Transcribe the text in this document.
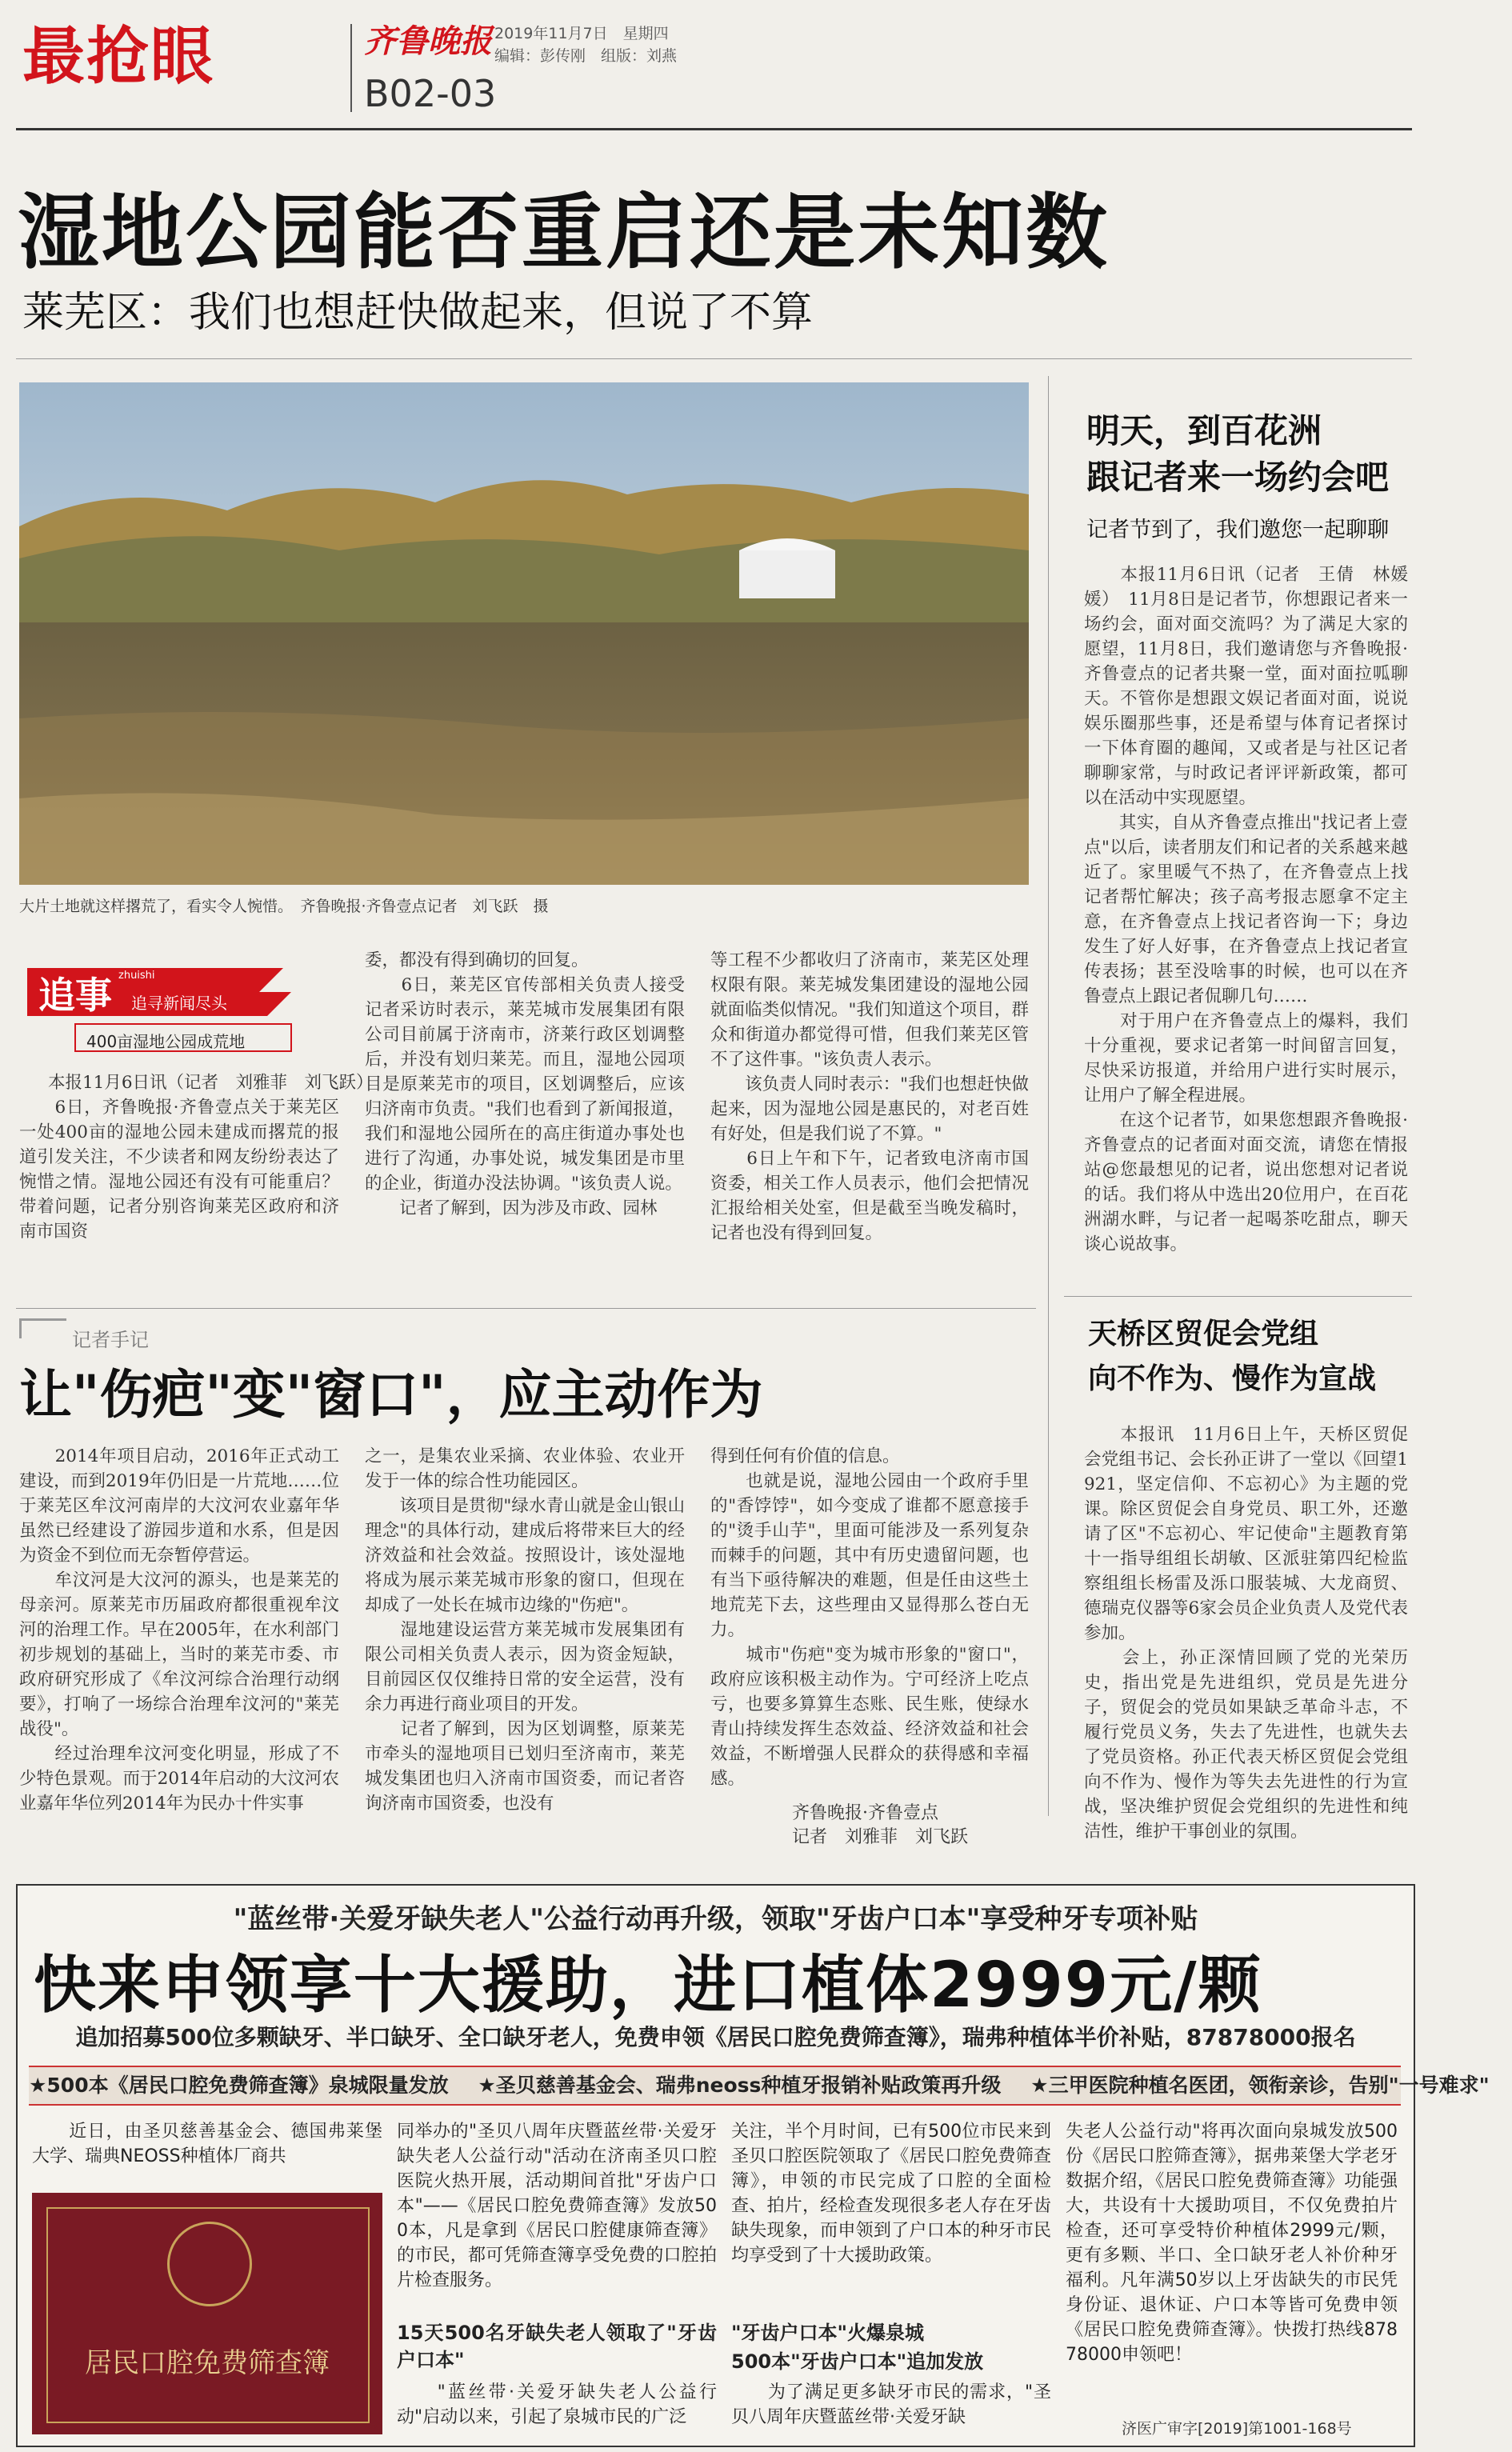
最抢眼	齐鲁晚报 2019年11月7日　星期四
编辑：彭传刚　组版：刘燕
B02-03
湿地公园能否重启还是未知数
莱芜区：我们也想赶快做起来，但说了不算
大片土地就这样撂荒了，看实令人惋惜。　齐鲁晚报·齐鲁壹点记者　刘飞跃　摄
追事 zhuishi
追寻新闻尽头
400亩湿地公园成荒地
本报11月6日讯（记者　刘雅菲　刘飞跃）
　　6日，齐鲁晚报·齐鲁壹点关于莱芜区一处400亩的湿地公园未建成而撂荒的报道引发关注，不少读者和网友纷纷表达了惋惜之情。湿地公园还有没有可能重启？带着问题，记者分别咨询莱芜区政府和济南市国资
委，都没有得到确切的回复。
　　6日，莱芜区官传部相关负责人接受记者采访时表示，莱芜城市发展集团有限公司目前属于济南市，济莱行政区划调整后，并没有划归莱芜。而且，湿地公园项目是原莱芜市的项目，区划调整后，应该归济南市负责。"我们也看到了新闻报道，我们和湿地公园所在的高庄街道办事处也进行了沟通，办事处说，城发集团是市里的企业，街道办没法协调。"该负责人说。
　　记者了解到，因为涉及市政、园林
等工程不少都收归了济南市，莱芜区处理权限有限。莱芜城发集团建设的湿地公园就面临类似情况。"我们知道这个项目，群众和街道办都觉得可惜，但我们莱芜区管不了这件事。"该负责人表示。
　　该负责人同时表示："我们也想赶快做起来，因为湿地公园是惠民的，对老百姓有好处，但是我们说了不算。"
　　6日上午和下午，记者致电济南市国资委，相关工作人员表示，他们会把情况汇报给相关处室，但是截至当晚发稿时，记者也没有得到回复。
明天，到百花洲
跟记者来一场约会吧
记者节到了，我们邀您一起聊聊
　　本报11月6日讯（记者　王倩　林媛媛）　11月8日是记者节，你想跟记者来一场约会，面对面交流吗？为了满足大家的愿望，11月8日，我们邀请您与齐鲁晚报·齐鲁壹点的记者共聚一堂，面对面拉呱聊天。不管你是想跟文娱记者面对面，说说娱乐圈那些事，还是希望与体育记者探讨一下体育圈的趣闻，又或者是与社区记者聊聊家常，与时政记者评评新政策，都可以在活动中实现愿望。
　　其实，自从齐鲁壹点推出"找记者上壹点"以后，读者朋友们和记者的关系越来越近了。家里暖气不热了，在齐鲁壹点上找记者帮忙解决；孩子高考报志愿拿不定主意，在齐鲁壹点上找记者咨询一下；身边发生了好人好事，在齐鲁壹点上找记者宣传表扬；甚至没啥事的时候，也可以在齐鲁壹点上跟记者侃聊几句……
　　对于用户在齐鲁壹点上的爆料，我们十分重视，要求记者第一时间留言回复，尽快采访报道，并给用户进行实时展示，让用户了解全程进展。
　　在这个记者节，如果您想跟齐鲁晚报·齐鲁壹点的记者面对面交流，请您在情报站@您最想见的记者，说出您想对记者说的话。我们将从中选出20位用户，在百花洲湖水畔，与记者一起喝茶吃甜点，聊天谈心说故事。
天桥区贸促会党组
向不作为、慢作为宣战
　　本报讯　11月6日上午，天桥区贸促会党组书记、会长孙正讲了一堂以《回望1921，坚定信仰、不忘初心》为主题的党课。除区贸促会自身党员、职工外，还邀请了区"不忘初心、牢记使命"主题教育第十一指导组组长胡敏、区派驻第四纪检监察组组长杨雷及泺口服装城、大龙商贸、德瑞克仪器等6家会员企业负责人及党代表参加。
　　会上，孙正深情回顾了党的光荣历史，指出党是先进组织，党员是先进分子，贸促会的党员如果缺乏革命斗志，不履行党员义务，失去了先进性，也就失去了党员资格。孙正代表天桥区贸促会党组向不作为、慢作为等失去先进性的行为宣战，坚决维护贸促会党组织的先进性和纯洁性，维护干事创业的氛围。
记者手记
让"伤疤"变"窗口"，应主动作为
　　2014年项目启动，2016年正式动工建设，而到2019年仍旧是一片荒地……位于莱芜区牟汶河南岸的大汶河农业嘉年华虽然已经建设了游园步道和水系，但是因为资金不到位而无奈暂停营运。
　　牟汶河是大汶河的源头，也是莱芜的母亲河。原莱芜市历届政府都很重视牟汶河的治理工作。早在2005年，在水利部门初步规划的基础上，当时的莱芜市委、市政府研究形成了《牟汶河综合治理行动纲要》，打响了一场综合治理牟汶河的"莱芜战役"。
　　经过治理牟汶河变化明显，形成了不少特色景观。而于2014年启动的大汶河农业嘉年华位列2014年为民办十件实事
之一，是集农业采摘、农业体验、农业开发于一体的综合性功能园区。
　　该项目是贯彻"绿水青山就是金山银山理念"的具体行动，建成后将带来巨大的经济效益和社会效益。按照设计，该处湿地将成为展示莱芜城市形象的窗口，但现在却成了一处长在城市边缘的"伤疤"。
　　湿地建设运营方莱芜城市发展集团有限公司相关负责人表示，因为资金短缺，目前园区仅仅维持日常的安全运营，没有余力再进行商业项目的开发。
　　记者了解到，因为区划调整，原莱芜市牵头的湿地项目已划归至济南市，莱芜城发集团也归入济南市国资委，而记者咨询济南市国资委，也没有
得到任何有价值的信息。
　　也就是说，湿地公园由一个政府手里的"香饽饽"，如今变成了谁都不愿意接手的"烫手山芋"，里面可能涉及一系列复杂而棘手的问题，其中有历史遗留问题，也有当下亟待解决的难题，但是任由这些土地荒芜下去，这些理由又显得那么苍白无力。
　　城市"伤疤"变为城市形象的"窗口"，政府应该积极主动作为。宁可经济上吃点亏，也要多算算生态账、民生账，使绿水青山持续发挥生态效益、经济效益和社会效益，不断增强人民群众的获得感和幸福感。
齐鲁晚报·齐鲁壹点
记者　刘雅菲　刘飞跃
"蓝丝带·关爱牙缺失老人"公益行动再升级，领取"牙齿户口本"享受种牙专项补贴
快来申领享十大援助，进口植体2999元/颗
追加招募500位多颗缺牙、半口缺牙、全口缺牙老人，免费申领《居民口腔免费筛查簿》，瑞弗种植体半价补贴，87878000报名
★500本《居民口腔免费筛查簿》泉城限量发放 ★圣贝慈善基金会、瑞弗neoss种植牙报销补贴政策再升级 ★三甲医院种植名医团，领衔亲诊，告别"一号难求"
　　近日，由圣贝慈善基金会、德国弗莱堡大学、瑞典NEOSS种植体厂商共
居民口腔免费筛查簿
同举办的"圣贝八周年庆暨蓝丝带·关爱牙缺失老人公益行动"活动在济南圣贝口腔医院火热开展，活动期间首批"牙齿户口本"——《居民口腔免费筛查簿》发放500本，凡是拿到《居民口腔健康筛查簿》的市民，都可凭筛查簿享受免费的口腔拍片检查服务。
15天500名牙缺失老人领取了"牙齿户口本"
　　"蓝丝带·关爱牙缺失老人公益行动"启动以来，引起了泉城市民的广泛
关注，半个月时间，已有500位市民来到圣贝口腔医院领取了《居民口腔免费筛查簿》，申领的市民完成了口腔的全面检查、拍片，经检查发现很多老人存在牙齿缺失现象，而申领到了户口本的种牙市民均享受到了十大援助政策。
"牙齿户口本"火爆泉城
500本"牙齿户口本"追加发放
　　为了满足更多缺牙市民的需求，"圣贝八周年庆暨蓝丝带·关爱牙缺
失老人公益行动"将再次面向泉城发放500份《居民口腔筛查簿》，据弗莱堡大学老牙数据介绍，《居民口腔免费筛查簿》功能强大，共设有十大援助项目，不仅免费拍片检查，还可享受特价种植体2999元/颗，更有多颗、半口、全口缺牙老人补价种牙福利。凡年满50岁以上牙齿缺失的市民凭身份证、退休证、户口本等皆可免费申领《居民口腔免费筛查簿》。快拨打热线87878000申领吧！
济医广审字[2019]第1001-168号
